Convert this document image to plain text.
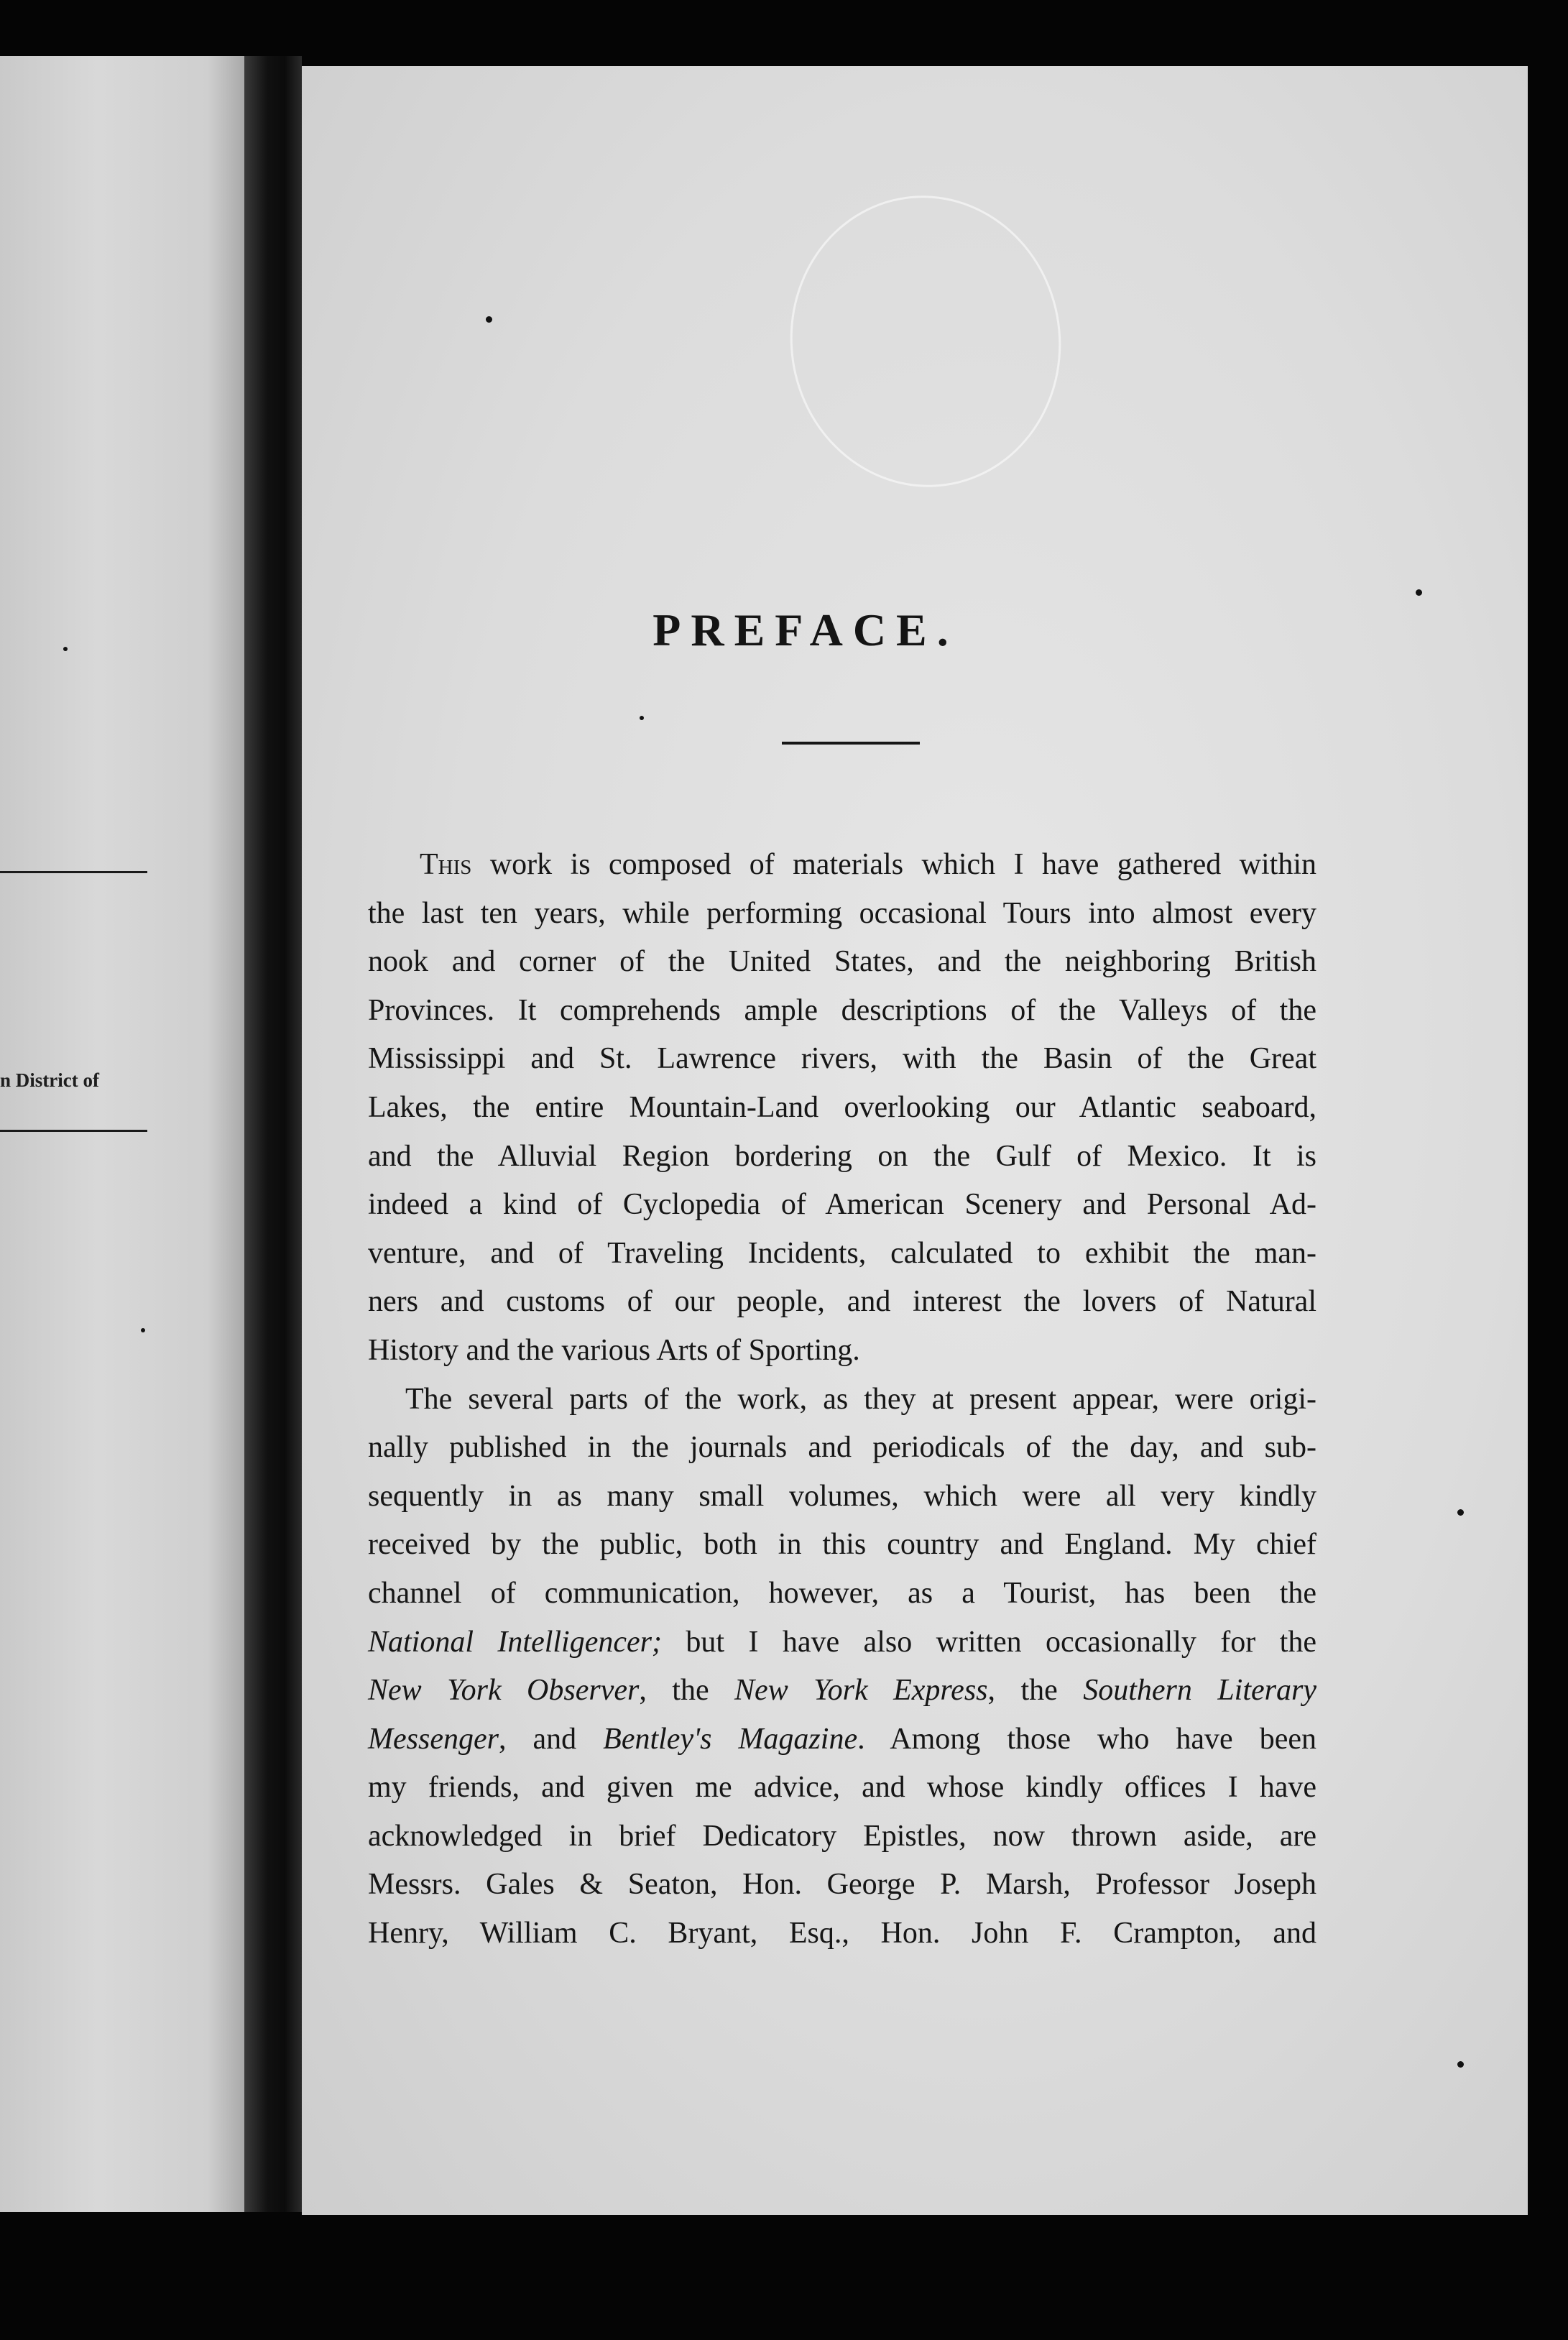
n District of
PREFACE.
This work is composed of materials which I have gathered within
the last ten years, while performing occasional Tours into almost every
nook and corner of the United States, and the neighboring British
Provinces. It comprehends ample descriptions of the Valleys of the
Mississippi and St. Lawrence rivers, with the Basin of the Great
Lakes, the entire Mountain-Land overlooking our Atlantic seaboard,
and the Alluvial Region bordering on the Gulf of Mexico. It is
indeed a kind of Cyclopedia of American Scenery and Personal Ad-
venture, and of Traveling Incidents, calculated to exhibit the man-
ners and customs of our people, and interest the lovers of Natural
History and the various Arts of Sporting.
The several parts of the work, as they at present appear, were origi-
nally published in the journals and periodicals of the day, and sub-
sequently in as many small volumes, which were all very kindly
received by the public, both in this country and England. My chief
channel of communication, however, as a Tourist, has been the
National Intelligencer; but I have also written occasionally for the
New York Observer, the New York Express, the Southern Literary
Messenger, and Bentley's Magazine. Among those who have been
my friends, and given me advice, and whose kindly offices I have
acknowledged in brief Dedicatory Epistles, now thrown aside, are
Messrs. Gales & Seaton, Hon. George P. Marsh, Professor Joseph
Henry, William C. Bryant, Esq., Hon. John F. Crampton, and
